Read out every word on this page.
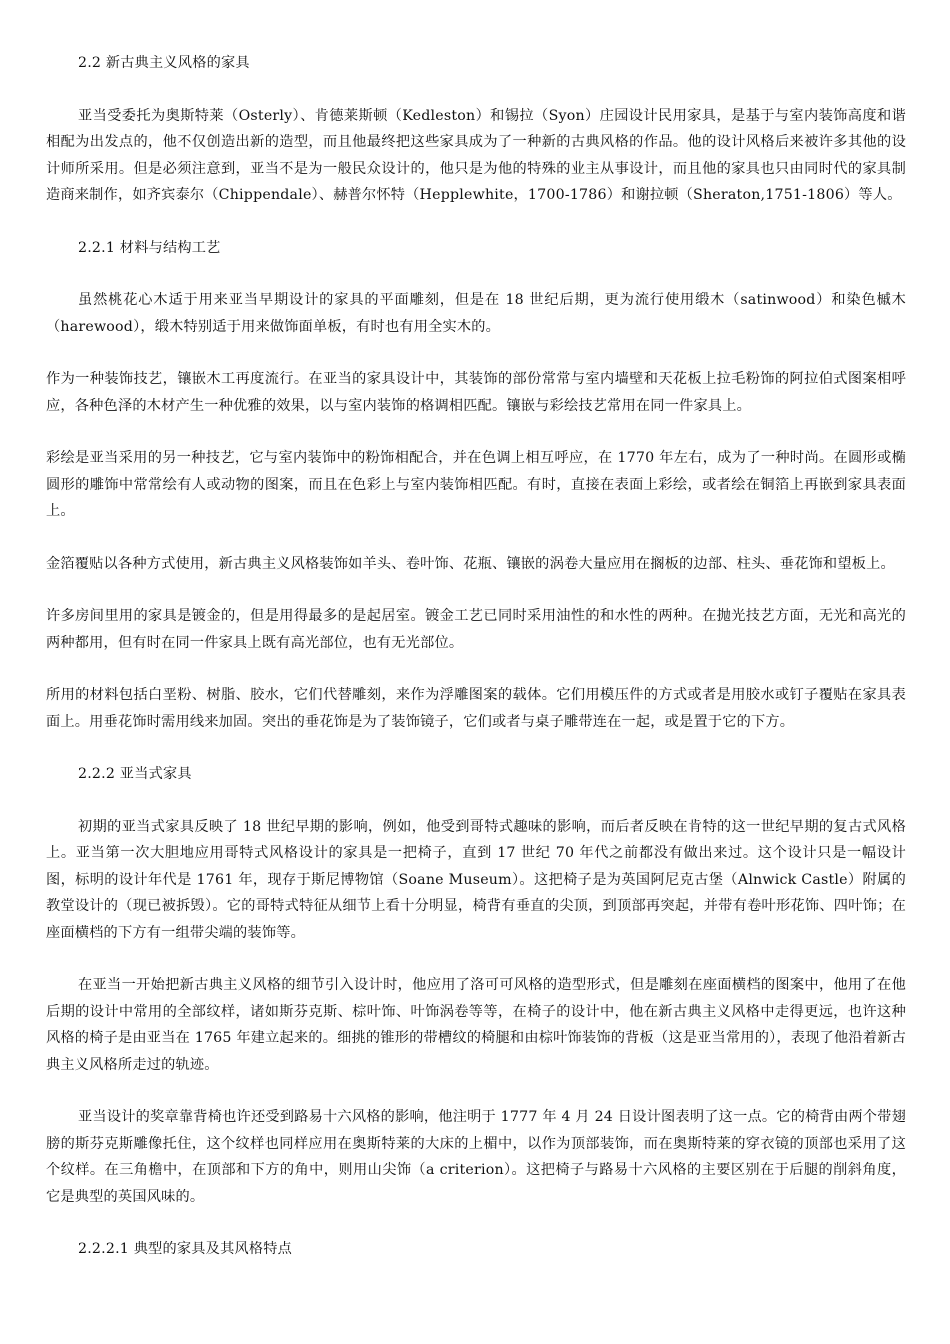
2.2 新古典主义风格的家具
亚当受委托为奥斯特莱（Osterly）、肯德莱斯顿（Kedleston）和锡拉（Syon）庄园设计民用家具，是基于与室内装饰高度和谐相配为出发点的，他不仅创造出新的造型，而且他最终把这些家具成为了一种新的古典风格的作品。他的设计风格后来被许多其他的设计师所采用。但是必须注意到，亚当不是为一般民众设计的，他只是为他的特殊的业主从事设计，而且他的家具也只由同时代的家具制造商来制作，如齐宾泰尔（Chippendale）、赫普尔怀特（Hepplewhite，1700-1786）和谢拉顿（Sheraton,1751-1806）等人。
2.2.1 材料与结构工艺
虽然桃花心木适于用来亚当早期设计的家具的平面雕刻，但是在 18 世纪后期，更为流行使用缎木（satinwood）和染色槭木（harewood），缎木特别适于用来做饰面单板，有时也有用全实木的。
作为一种装饰技艺，镶嵌木工再度流行。在亚当的家具设计中，其装饰的部份常常与室内墙壁和天花板上拉毛粉饰的阿拉伯式图案相呼应，各种色泽的木材产生一种优雅的效果，以与室内装饰的格调相匹配。镶嵌与彩绘技艺常用在同一件家具上。
彩绘是亚当采用的另一种技艺，它与室内装饰中的粉饰相配合，并在色调上相互呼应，在 1770 年左右，成为了一种时尚。在圆形或椭圆形的雕饰中常常绘有人或动物的图案，而且在色彩上与室内装饰相匹配。有时，直接在表面上彩绘，或者绘在铜箔上再嵌到家具表面上。
金箔覆贴以各种方式使用，新古典主义风格装饰如羊头、卷叶饰、花瓶、镶嵌的涡卷大量应用在搁板的边部、柱头、垂花饰和望板上。
许多房间里用的家具是镀金的，但是用得最多的是起居室。镀金工艺已同时采用油性的和水性的两种。在抛光技艺方面，无光和高光的两种都用，但有时在同一件家具上既有高光部位，也有无光部位。
所用的材料包括白垩粉、树脂、胶水，它们代替雕刻，来作为浮雕图案的载体。它们用模压件的方式或者是用胶水或钉子覆贴在家具表面上。用垂花饰时需用线来加固。突出的垂花饰是为了装饰镜子，它们或者与桌子雕带连在一起，或是置于它的下方。
2.2.2 亚当式家具
初期的亚当式家具反映了 18 世纪早期的影响，例如，他受到哥特式趣味的影响，而后者反映在肯特的这一世纪早期的复古式风格上。亚当第一次大胆地应用哥特式风格设计的家具是一把椅子，直到 17 世纪 70 年代之前都没有做出来过。这个设计只是一幅设计图，标明的设计年代是 1761 年，现存于斯尼博物馆（Soane Museum）。这把椅子是为英国阿尼克古堡（Alnwick Castle）附属的教堂设计的（现已被拆毁）。它的哥特式特征从细节上看十分明显，椅背有垂直的尖顶，到顶部再突起，并带有卷叶形花饰、四叶饰；在座面横档的下方有一组带尖端的装饰等。
在亚当一开始把新古典主义风格的细节引入设计时，他应用了洛可可风格的造型形式，但是雕刻在座面横档的图案中，他用了在他后期的设计中常用的全部纹样，诸如斯芬克斯、棕叶饰、叶饰涡卷等等，在椅子的设计中，他在新古典主义风格中走得更远，也许这种风格的椅子是由亚当在 1765 年建立起来的。细挑的锥形的带槽纹的椅腿和由棕叶饰装饰的背板（这是亚当常用的），表现了他沿着新古典主义风格所走过的轨迹。
亚当设计的奖章靠背椅也许还受到路易十六风格的影响，他注明于 1777 年 4 月 24 日设计图表明了这一点。它的椅背由两个带翅膀的斯芬克斯雕像托住，这个纹样也同样应用在奥斯特莱的大床的上楣中，以作为顶部装饰，而在奥斯特莱的穿衣镜的顶部也采用了这个纹样。在三角檐中，在顶部和下方的角中，则用山尖饰（a criterion）。这把椅子与路易十六风格的主要区别在于后腿的削斜角度，它是典型的英国风味的。
2.2.2.1 典型的家具及其风格特点
